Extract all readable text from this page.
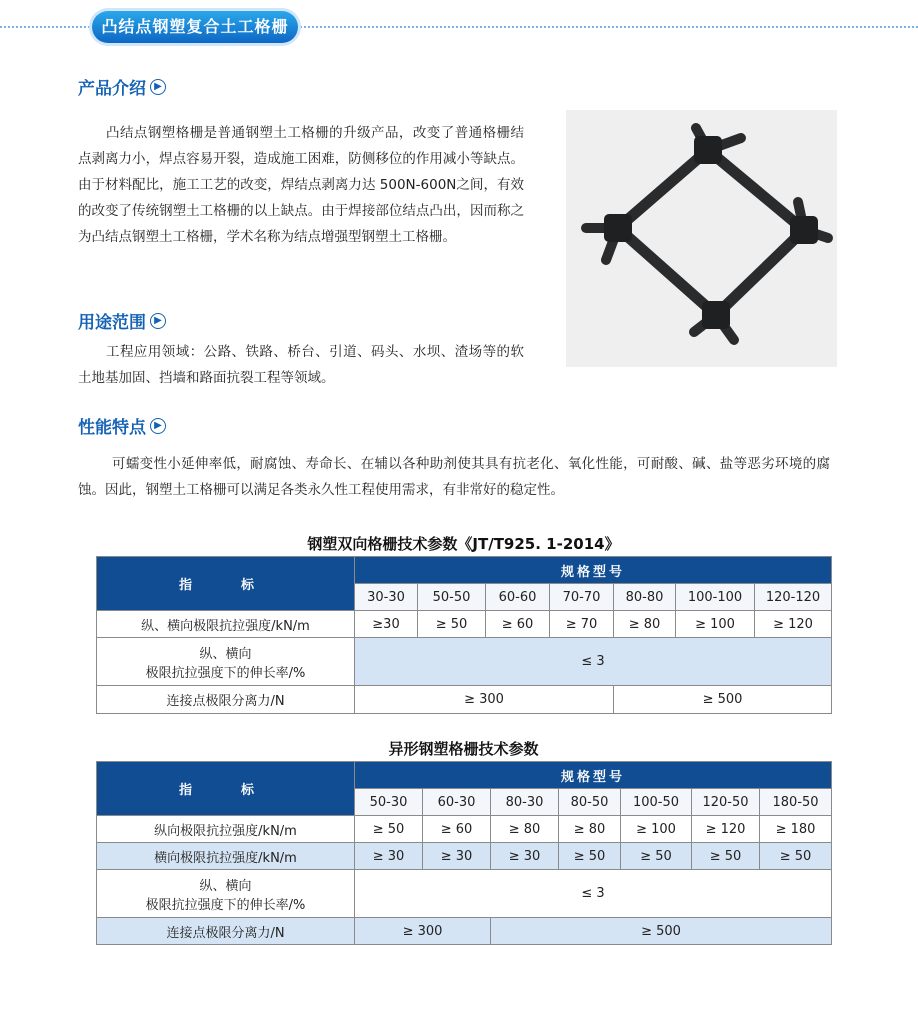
凸结点钢塑复合土工格栅
产品介绍 ▶
凸结点钢塑格栅是普通钢塑土工格栅的升级产品，改变了普通格栅结点剥离力小，焊点容易开裂，造成施工困难，防侧移位的作用减小等缺点。由于材料配比，施工工艺的改变，焊结点剥离力达 500N-600N之间，有效的改变了传统钢塑土工格栅的以上缺点。由于焊接部位结点凸出，因而称之为凸结点钢塑土工格栅，学术名称为结点增强型钢塑土工格栅。
用途范围 ▶
工程应用领域：公路、铁路、桥台、引道、码头、水坝、渣场等的软土地基加固、挡墙和路面抗裂工程等领域。
性能特点 ▶
可蠕变性小延伸率低，耐腐蚀、寿命长、在辅以各种助剂使其具有抗老化、氧化性能，可耐酸、碱、盐等恶劣环境的腐蚀。因此，钢塑土工格栅可以满足各类永久性工程使用需求，有非常好的稳定性。
钢塑双向格栅技术参数《JT/T925. 1-2014》
指　标	规格型号						
	30-30	50-50	60-60	70-70	80-80	100-100	120-120
纵、横向极限抗拉强度/kN/m	≥30	≥ 50	≥ 60	≥ 70	≥ 80	≥ 100	≥ 120

纵、横向
极限抗拉强度下的伸长率/%	≤ 3						
连接点极限分离力/N	≥ 300				≥ 500		
异形钢塑格栅技术参数
指　标	规格型号						
	50-30	60-30	80-30	80-50	100-50	120-50	180-50
纵向极限抗拉强度/kN/m	≥ 50	≥ 60	≥ 80	≥ 80	≥ 100	≥ 120	≥ 180
横向极限抗拉强度/kN/m	≥ 30	≥ 30	≥ 30	≥ 50	≥ 50	≥ 50	≥ 50

纵、横向
极限抗拉强度下的伸长率/%	≤ 3						
连接点极限分离力/N	≥ 300		≥ 500				
